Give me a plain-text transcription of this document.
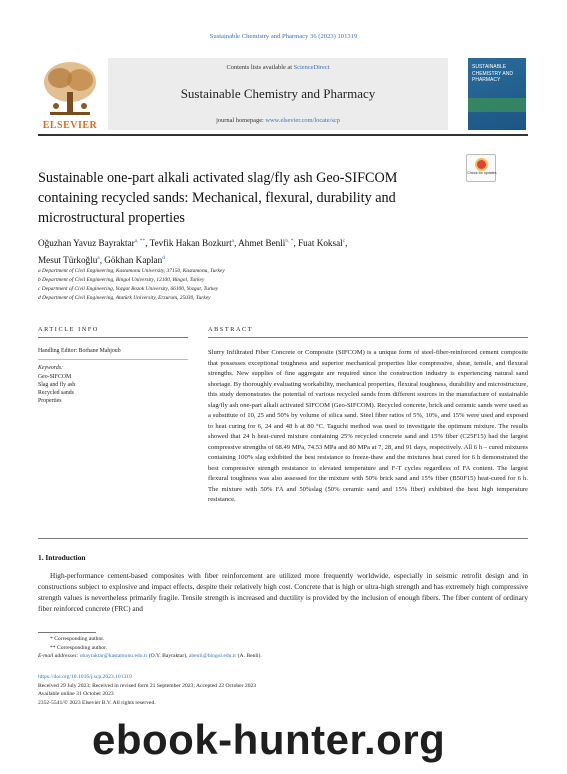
Sustainable Chemistry and Pharmacy 36 (2023) 101319
ELSEVIER
Contents lists available at ScienceDirect
Sustainable Chemistry and Pharmacy
journal homepage: www.elsevier.com/locate/scp
SUSTAINABLE CHEMISTRY AND PHARMACY
Check for updates
Sustainable one-part alkali activated slag/fly ash Geo-SIFCOM containing recycled sands: Mechanical, flexural, durability and microstructural properties
Oğuzhan Yavuz Bayraktar$^{a, **}$, Tevfik Hakan Bozkurt$^a$, Ahmet Benli$^{b, *}$, Fuat Koksal$^c$,
Mesut Türkoğlu$^a$, Gökhan Kaplan$^d$
a Department of Civil Engineering, Kastamonu University, 37150, Kastamonu, Turkey
b Department of Civil Engineering, Bingol University, 12100, Bingol, Turkey
c Department of Civil Engineering, Yozgat Bozok University, 66100, Yozgat, Turkey
d Department of Civil Engineering, Atatürk University, Erzurum, 25030, Turkey
ARTICLE INFO
Handling Editor: Borhane Mahjoub
Keywords:
Geo-SIFCOM
Slag and fly ash
Recycled sands
Properties
ABSTRACT
Slurry Infiltrated Fiber Concrete or Composite (SIFCOM) is a unique form of steel-fiber-reinforced cement composite that possesses exceptional toughness and superior mechanical properties like compressive, shear, tensile, and flexural strengths. New supplies of fine aggregate are required since the construction industry is experiencing natural sand shortage. By thoroughly evaluating workability, mechanical properties, flexural toughness, durability and microstructure, this study demonstrates the potential of various recycled sands from different sources in the manufacture of sustainable slag/fly ash one-part alkali activated SIFCOM (Geo-SIFCOM). Recycled concrete, brick and ceramic sands were used as a substitute of 10, 25 and 50% by volume of silica sand. Steel fiber ratios of 5%, 10%, and 15% were used and exposed to heat curing for 6, 24 and 48 h at 80 °C. Taguchi method was used to investigate the optimum mixture. The results showed that 24 h heat-cured mixture containing 25% recycled concrete sand and 15% fiber (C25F15) had the largest compressive strengths of 68.49 MPa, 74.53 MPa and 80 MPa at 7, 28, and 91 days, respectively. All 6 h – cured mixtures containing 100% slag exhibited the best resistance to freeze-thaw and the mixtures heat cured for 6 h demonstrated the best compressive strength resistance to elevated temperature and F-T cycles regardless of FA content. The largest flexural toughness was also assessed for the mixture with 50% brick sand and 15% fiber (B50F15) heat-cured for 6 h. The mixture with 50% FA and 50%slag (50% ceramic sand and 15% fiber) exhibited the best high temperature resistance.
1. Introduction
High-performance cement-based composites with fiber reinforcement are utilized more frequently worldwide, especially in seismic retrofit design and in constructions subject to explosive and impact effects, despite their relatively high cost. Concrete that is high or ultra-high strength and has extremely high compressive strength values is nevertheless primarily fragile. Tensile strength is increased and ductility is provided by the inclusion of enough fibers. The fiber content of ordinary fiber reinforced concrete (FRC) and
* Corresponding author.
** Corresponding author.
E-mail addresses: obayraktar@kastamonu.edu.tr (O.Y. Bayraktar), abenli@bingol.edu.tr (A. Benli).
https://doi.org/10.1016/j.scp.2023.101319
Received 29 July 2023; Received in revised form 21 September 2023; Accepted 22 October 2023
Available online 31 October 2023
2352-5541/© 2023 Elsevier B.V. All rights reserved.
ebook-hunter.org
